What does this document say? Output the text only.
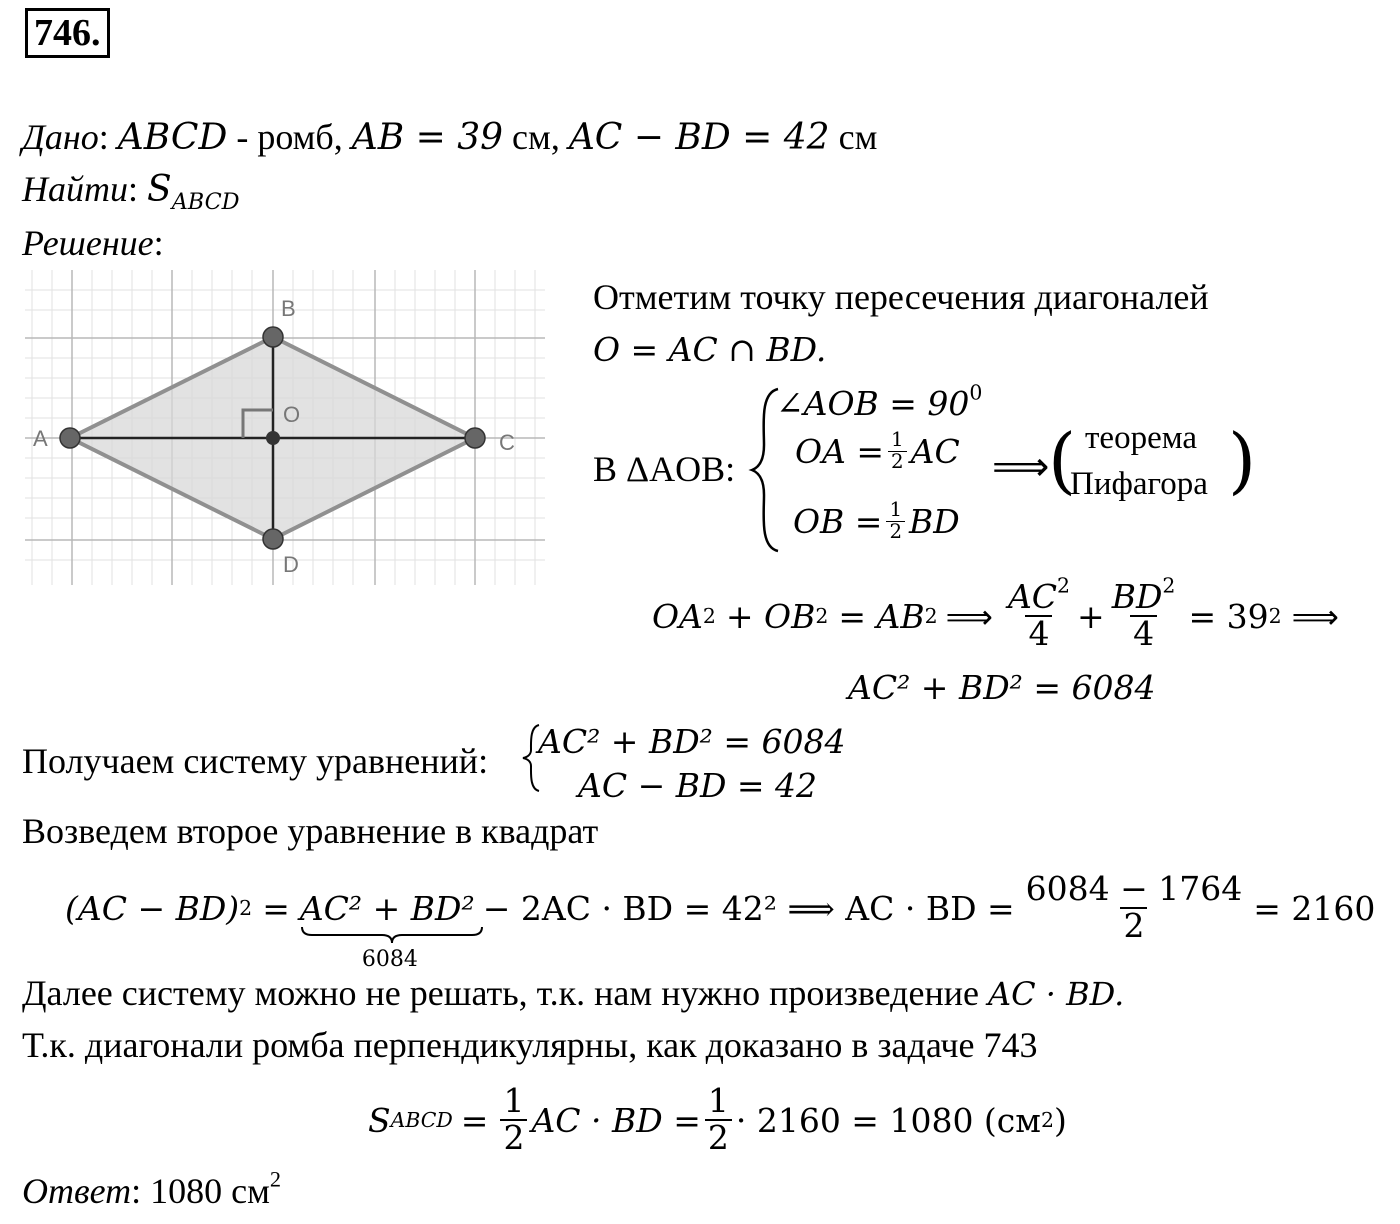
746.
Дано: ABCD - ромб, AB = 39 см, AC − BD = 42 см
Найти: $S_{ABCD}$
Решение:
A
B
C
D
O
Отметим точку пересечения диагоналей
O = AC ∩ BD.
В ΔAOB:
∠AOB = $90^0$
OA = $\frac{1}{2}$ AC
OB = $\frac{1}{2}$ BD
⟹
( )
теорема
Пифагора
OA 2 + OB 2 = AB 2 ⟹ $\frac{AC^2}{4} + \frac{BD^2}{4} = 39$ 2 ⟹
AC² + BD² = 6084
Получаем систему уравнений: AC² + BD² = 6084
AC − BD = 42
Возведем второе уравнение в квадрат
(AC − BD) 2 = AC² + BD²
6084
− 2AC · BD = 42² ⟹ AC · BD = $\frac{6084 - 1764}{2} = 2160$
Далее систему можно не решать, т.к. нам нужно произведение AC · BD.
Т.к. диагонали ромба перпендикулярны, как доказано в задаче 743
S ABCD = $\frac{1}{2}$ AC · BD = $\frac{1}{2} \cdot 2160 = 1080$ (см 2 )
Ответ: 1080 $см^2$
